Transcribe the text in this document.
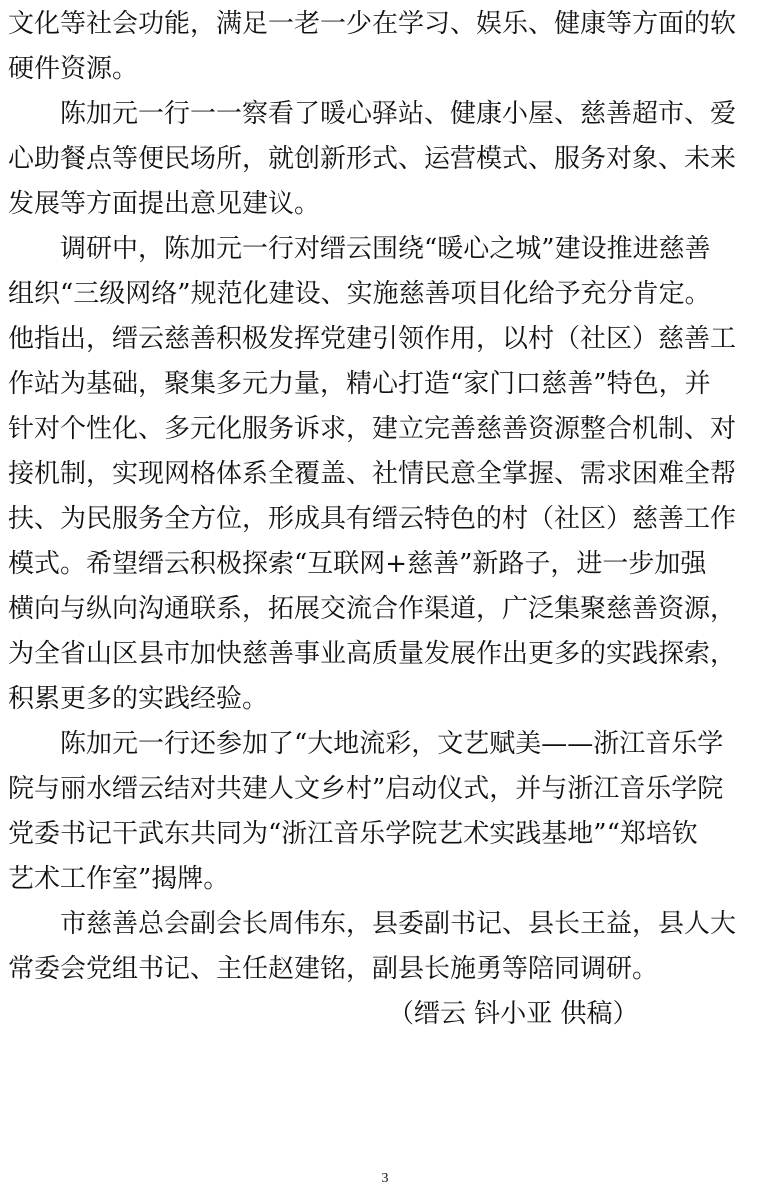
文化等社会功能，满足一老一少在学习、娱乐、健康等方面的软
硬件资源。
陈加元一行一一察看了暖心驿站、健康小屋、慈善超市、爱
心助餐点等便民场所，就创新形式、运营模式、服务对象、未来
发展等方面提出意见建议。
调研中，陈加元一行对缙云围绕“暖心之城”建设推进慈善
组织“三级网络”规范化建设、实施慈善项目化给予充分肯定。
他指出，缙云慈善积极发挥党建引领作用，以村（社区）慈善工
作站为基础，聚集多元力量，精心打造“家门口慈善”特色，并
针对个性化、多元化服务诉求，建立完善慈善资源整合机制、对
接机制，实现网格体系全覆盖、社情民意全掌握、需求困难全帮
扶、为民服务全方位，形成具有缙云特色的村（社区）慈善工作
模式。希望缙云积极探索“互联网+慈善”新路子，进一步加强
横向与纵向沟通联系，拓展交流合作渠道，广泛集聚慈善资源，
为全省山区县市加快慈善事业高质量发展作出更多的实践探索，
积累更多的实践经验。
陈加元一行还参加了“大地流彩，文艺赋美——浙江音乐学
院与丽水缙云结对共建人文乡村”启动仪式，并与浙江音乐学院
党委书记干武东共同为“浙江音乐学院艺术实践基地”“郑培钦
艺术工作室”揭牌。
市慈善总会副会长周伟东，县委副书记、县长王益，县人大
常委会党组书记、主任赵建铭，副县长施勇等陪同调研。
（缙云 钭小亚 供稿）
3
